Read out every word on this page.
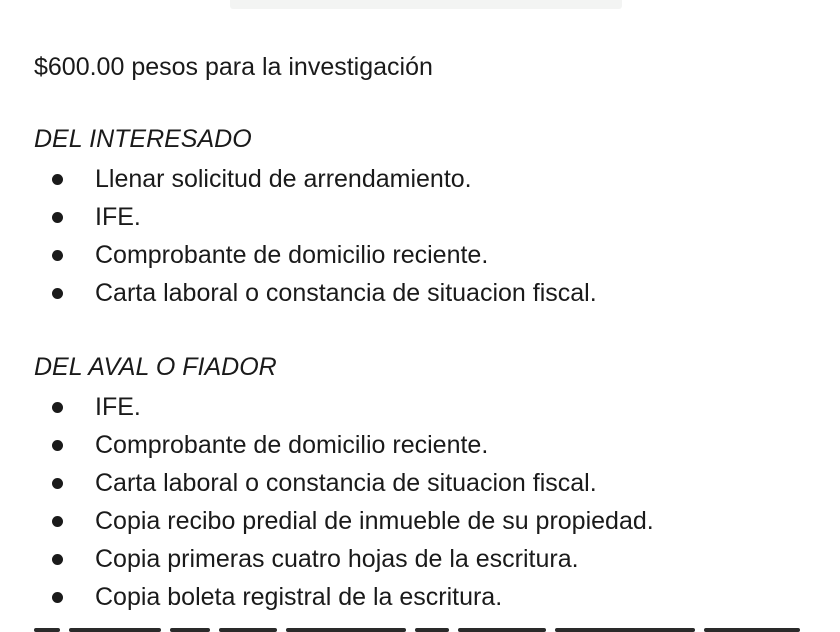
$600.00 pesos para la investigación
DEL INTERESADO
Llenar solicitud de arrendamiento.
IFE.
Comprobante de domicilio reciente.
Carta laboral o constancia de situacion fiscal.
DEL AVAL O FIADOR
IFE.
Comprobante de domicilio reciente.
Carta laboral o constancia de situacion fiscal.
Copia recibo predial de inmueble de su propiedad.
Copia primeras cuatro hojas de la escritura.
Copia boleta registral de la escritura.
